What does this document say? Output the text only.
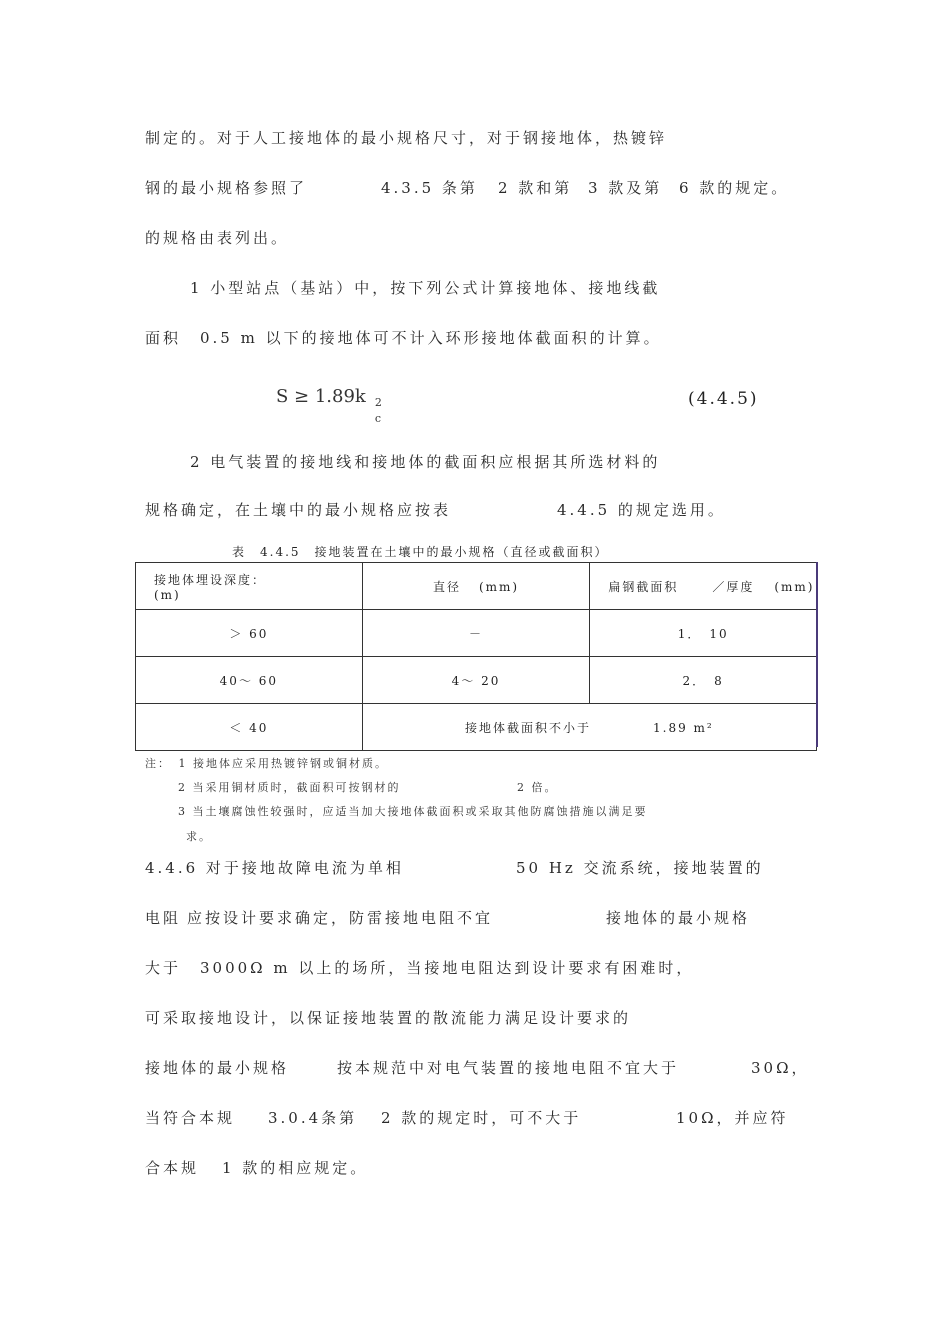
制定的。对于人工接地体的最小规格尺寸，对于钢接地体，热镀锌
钢的最小规格参照了	4.3.5 条第 2 款和第 3 款及第 6 款的规定。
的规格由表列出。
1 小型站点（基站）中，按下列公式计算接地体、接地线截
面积 0.5 m 以下的接地体可不计入环形接地体截面积的计算。
S ≥ 1.89k 2
c
(4.4.5)
2 电气装置的接地线和接地体的截面积应根据其所选材料的
规格确定，在土壤中的最小规格应按表	4.4.5 的规定选用。
表　4.4.5　接地装置在土壤中的最小规格（直径或截面积）
接地体埋设深度：(m)	直径 (mm)	扁钢截面积 ／厚度 (mm)
＞ 60	－	1．　10
40～ 60	4～ 20	2．　8
＜ 40	接地体截面积不小于 1.89 m²	
注：　1 接地体应采用热镀锌钢或铜材质。
2 当采用铜材质时，截面积可按钢材的	2 倍。
3 当土壤腐蚀性较强时，应适当加大接地体截面积或采取其他防腐蚀措施以满足要
求。
4.4.6 对于接地故障电流为单相	50 Hz 交流系统，接地装置的
电阻 应按设计要求确定，防雷接地电阻不宜	接地体的最小规格
大于 3000Ω m 以上的场所，当接地电阻达到设计要求有困难时，
可采取接地设计，以保证接地装置的散流能力满足设计要求的
接地体的最小规格	按本规范中对电气装置的接地电阻不宜大于	30Ω，
当符合本规 3.0.4条第 2 款的规定时，可不大于	10Ω，并应符
合本规 1 款的相应规定。
